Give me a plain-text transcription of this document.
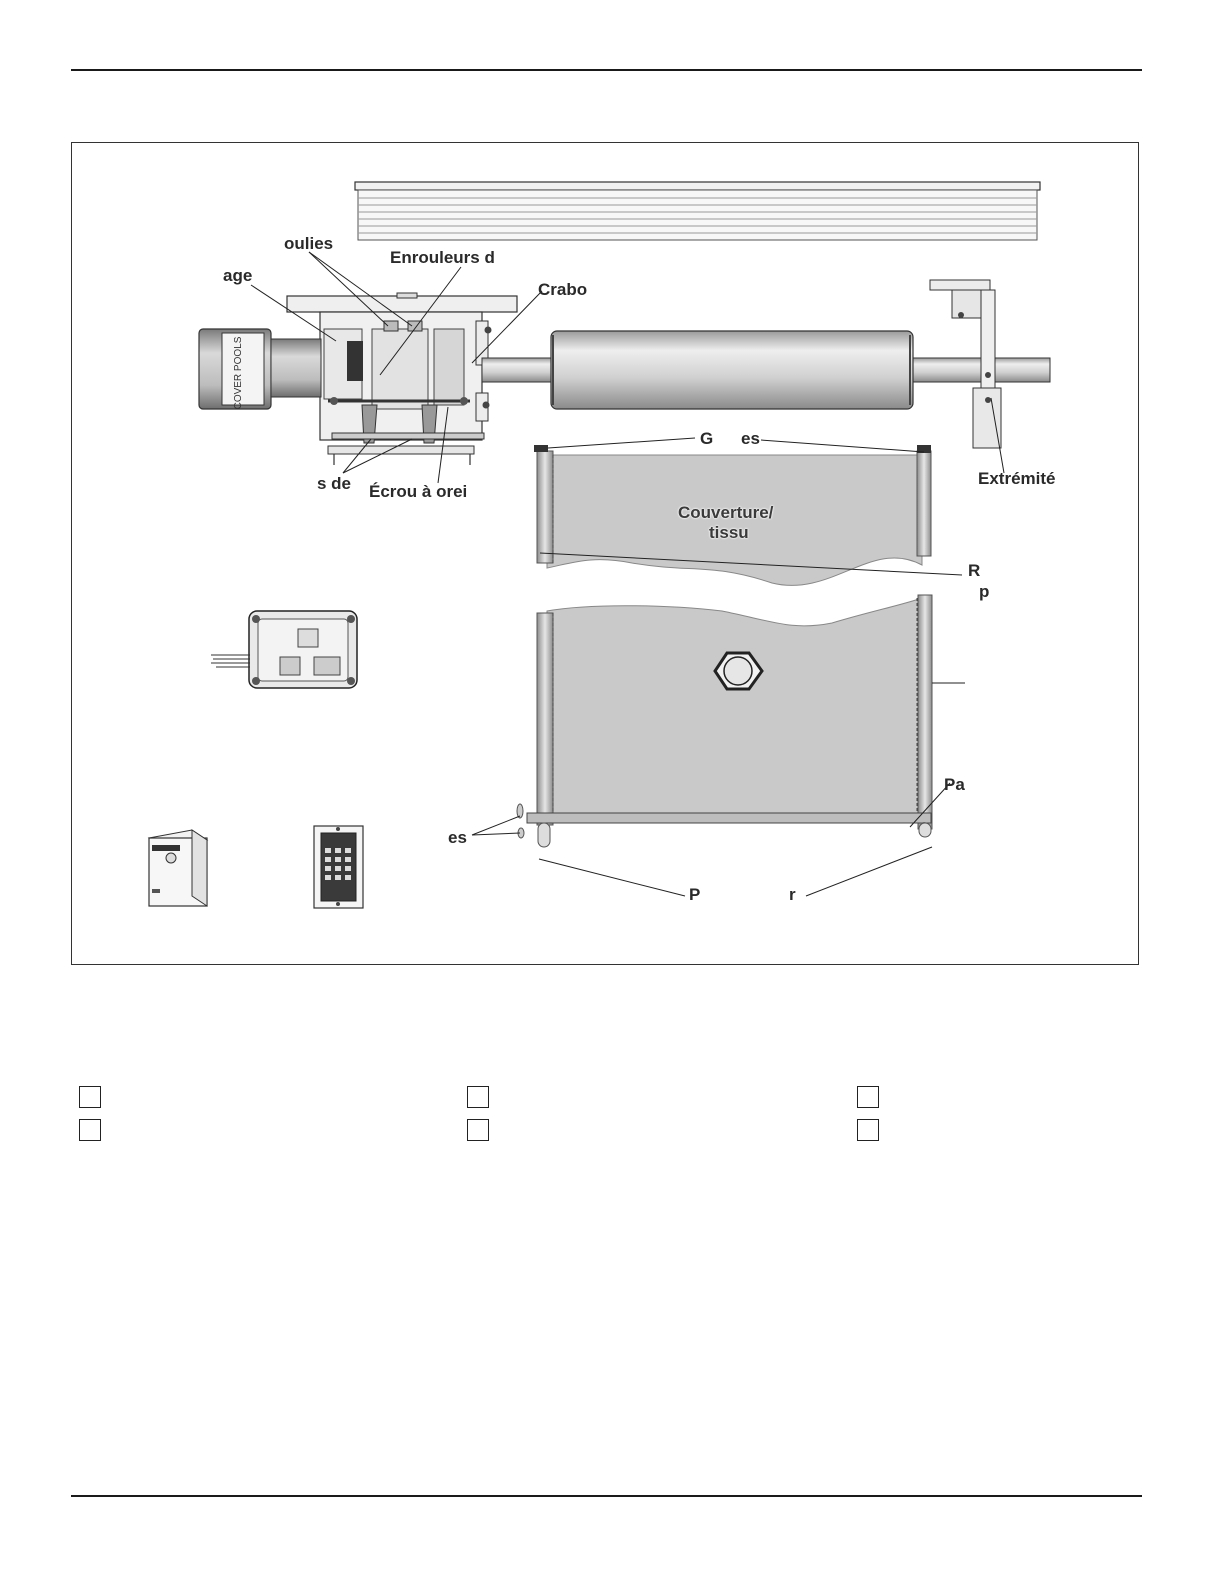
COVER POOLS
oulies
age
Enrouleurs d
Crabo
G es
Extrémité
s de Écrou à orei
Couverture/
tissu
R
p
Pa
es
P	r
